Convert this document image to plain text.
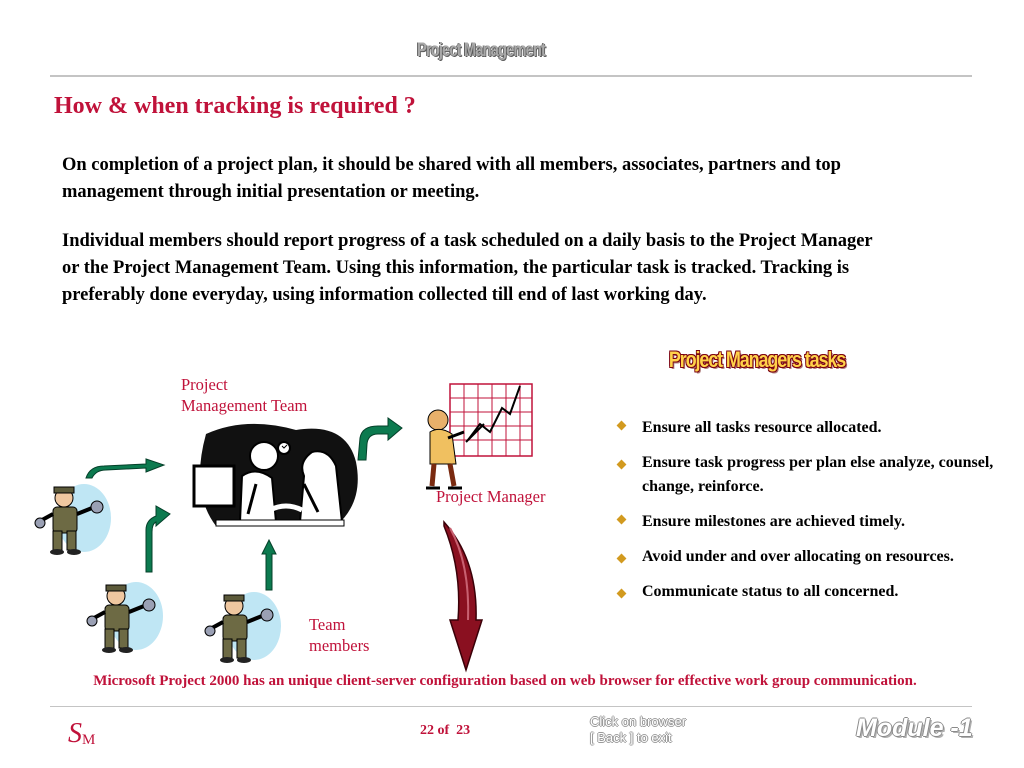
Project Management
How & when tracking is required ?
On completion of a project plan, it should be shared with all members, associates, partners and top management through initial presentation or meeting.
Individual members should report progress of a task scheduled on a daily basis to the Project Manager or the Project Management Team. Using this information, the particular task is tracked. Tracking is preferably done everyday, using information collected till end of last working day.
Project
Management Team
Project Manager
Team
members
Project Managers tasks
Ensure all tasks resource allocated.
Ensure task progress per plan else analyze, counsel, change, reinforce.
Ensure milestones are achieved timely.
Avoid under and over allocating on resources.
Communicate status to all concerned.
Microsoft Project 2000 has an unique client-server configuration based on web browser for effective work group communication.
SM
22 of  23
Click on browser
[ Back ] to exit	Module -1
